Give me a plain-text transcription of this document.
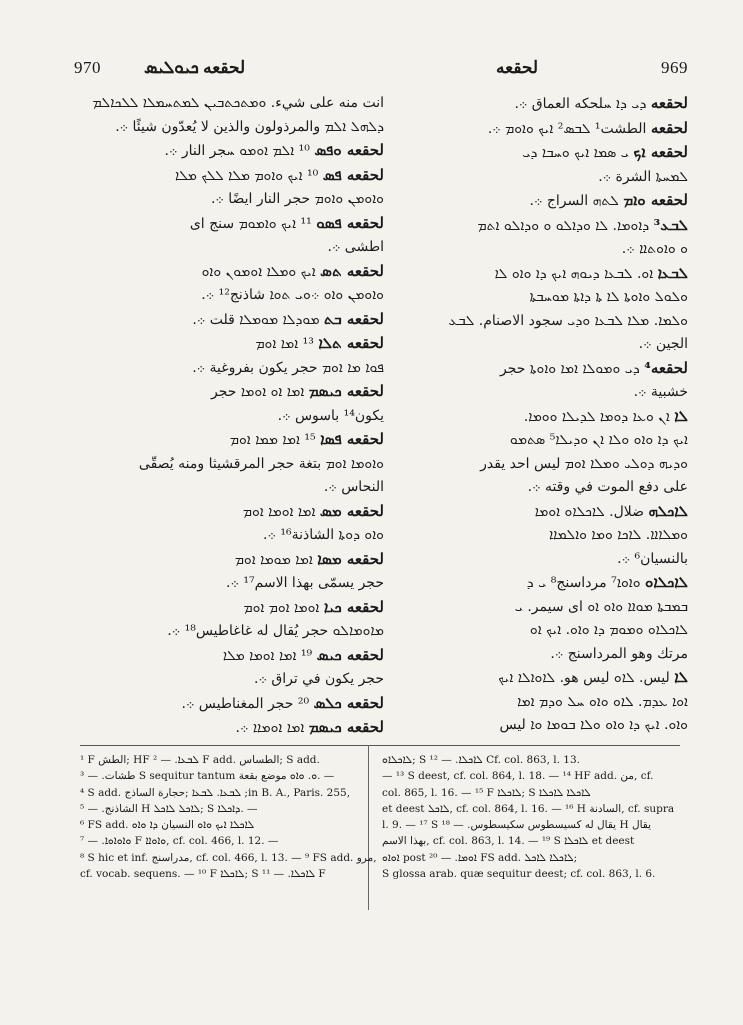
970	لحقعه ܟܝܘܠܝܣ	لحقعه	969
انت منه على شيء. ܘܡܬܟܬܒܝܢ ܠܡܬܚܡܠܐ ܠܠܟܐܠܡ
ܕܠܗܠ ܐܠܡ والمرذولون والذين لا يُعدّون شيئًا ܀.
لحقعه ܘܦܣ ¹⁰ ܐܠܡ ܐܘܡܘ ܚجر النار ܀.
لحقعه ܦܣ ¹⁰ ܐܝܟ ܘܐܘܡ ܡܠܐ ܠܠܟ ܡܠܐ
ܘܐܘܡܢ ܘܐܘܡ حجر النار ايضًا ܀.
لحقعه ܦܣܘ ¹¹ ܐܝܟ ܘܐܡܘܡ سنج اى
اطشى ܀.
لحقعه ܬܣ ܐܝܟ ܘܡܠܐ ܐܘܡܘܢ ܘܐܘ
ܘܐܘܡܢ ܘܐܘ ܀ܘܝ ܬܘܐ شاذنج¹² ܀.
لحقعه ܒܬ ܡܘܕܠܐ ܡܘܡܠܐ قلت ܀.
لحقعه ܬܠܐ ¹³ ܐܡܐ ܐܘܡ
ܦܘܐ ܡܐ ܐܘܡ حجر يكون بفروغية ܀.
لحقعه ܟܝܣܡ ܐܡܐ ܐܘ ܐܘܡܐ حجر
يكون¹⁴ باسوس ܀.
لحقعه ܦܣܐ ¹⁵ ܐܡܐ ܡܡܐ ܐܘܡ
ܘܐܘܡܐ ܐܘܡ بتغة حجر المرقشيثا ومنه يُصقّى
النحاس ܀.
لحقعه ܡܣ ܐܡܐ ܐܘܡܐ ܐܘܡ
ܘܐܘ ܕܘܬܐ الشاذنة¹⁶ ܀.
لحقعه ܡܣܐ ܐܡܐ ܡܘܡܐ ܐܘܡ
حجر يسمّى بهذا الاسم¹⁷ ܀.
لحقعه ܟܝܐ ܐܘܡܐ ܐܘܡ ܐܘܡ
ܡܐܘܡܐܠܘ حجر يُقال له غاغاطيس¹⁸ ܀.
لحقعه ܟܝܣ ¹⁹ ܐܡܐ ܐܘܡܐ ܡܠܐ
حجر يكون في تراق ܀.
لحقعه ܟܠܣ ²⁰ حجر المغناطيس ܀.
لحقعه ܟܝܣܡ ܐܡܐ ܐܘܡܐܐ ܀.
لحقعه ܕܝ ܕܐ ܚلحكه العماق ܀.
لحقعه الطشت¹ ܠܒܣ² ܐܝܟ ܘܐܘܡ ܀.
لحقعه ܐܟ ܝ ܣܡܐ ܐܝܟ ܘܚܒܐ ܕܝ
ܠܡܚܬܐ الشرة ܀.
لحقعه ܘܐܡ ܠܬܗ السراج ܀.
ܠܒܥ³ ܕܐܘܡܐ. ܠܐ ܘܕܐܠܘ ܘ ܘܕܐܠܘ ܐܬܡ
ܘ ܘܐܘܬܐܐ ܀.
ܠܒܥܐ ܐܘ. ܠܒܥܐ ܕܝܘܗ ܐܝܟ ܕܐ ܘܐܘ ܠܐ
ܘܠܘܠ ܘܐܘܬܐ ܠܐ ܬܐ ܕܐܬܐ ܡܘܚܒܬܐ
ܘܠܡܐ. ܡܠܐ ܠܒܥܐ ܘܕܝ سجود الاصنام. ܠܒܥ
الجين ܀.
لحقعه⁴ ܕܝ ܘܡܘܠܐ ܐܡܐ ܘܐܘܬܐ حجر
خشبية ܀.
ܠܐ ܐܢ ܘܥܐ ܕܘܡܐ ܠܕܝܠܐ ܘܘܡܐ.
ܐܝܟ ܕܐ ܘܐܘ ܘܠܐ ܐܢ ܘܕܝܠܐ⁵ ܣܬܡܘ
ܘܕܝܗ ܕܘܠܝ ܘܡܠܐ ܐܘܡ ليس احد يقدر
على دفع الموت في وقته ܀.
ܠܐܟܠܗ ضلال. ܠܐܟܠܐܘ ܐܘܡܐ
ܘܡܠܐܐܐ. ܠܐܟܐ ܘܡܐ ܘܐܠܡܐܐ
بالنسيان⁶ ܀.
ܠܐܟܠܐܘ ܘܐܘܐ⁷ مرداسنج⁸ ܝ ܕ
ܒܡܒܬܐ ܡܘܐܐ ܘܐܘ ܐܘ اى سيمر. ܝ
ܠܐܟܠܐܘ ܘܡܘܡ ܕܐ ܘܐܘ. ܐܝܟ ܐܘ
مرتك وهو المرداسنج ܀.
ܠܐ ليس. ܠܐܘ ليس هو. ܠܐܘܐܠܐ ܐܝܟ
ܐܘܐ ܥܕܡ. ܠܐܘ ܘܐܘ ܚܠ ܘܕܡ ܐܡܐ
ܘܐܘ. ܐܝܟ ܕܐ ܘܐܘ ܘܠܐ ܒܘܡܐ ܘܐ ليس
¹ F الطش; HF ܠܒܥܐ. — ² F add. الطساس; S add.
طشات. — ³ S sequitur tantum ܘ. ܘܐܘ موضع بقعة. —
⁴ S add. ܠܒܥܐ. ܠܒܥܐ ;حجارة الساذج ;in B. A., Paris. 255,
الشاذنج. — ⁵ H ܠܐܟܠ ܠܐܟܠ; S ܕܐܟܠܐ. —
⁶ FS add. ܠܐܟܠܐ ܐܝܟ ܘܐܘ النسيان ܕܐ ܘܐܘ
ܘܐܘܐܘܐ. — ⁷ F ܘܐܘܐܐ, cf. col. 466, l. 12. —
⁸ S hic et inf. مدراسنج, cf. col. 466, l. 13. — ⁹ FS add. مرو,
cf. vocab. sequens. — ¹⁰ F ܠܐܟܠܐ; S ܠܐܟܠܐ. — ¹¹ F
ܠܐܟܠܐܘ; S ܠܐܟܠܐ. — ¹² Cf. col. 863, l. 13.
— ¹³ S deest, cf. col. 864, l. 18. — ¹⁴ HF add. من, cf.
col. 865, l. 16. — ¹⁵ F ܠܐܟܠܐ; S ܠܐܟܠܐ ܠܐܟܠܐ
et deest ܠܐܟܠ, cf. col. 864, l. 16. — ¹⁶ H السادنة, cf. supra
l. 9. — ¹⁷ S يقال له كسيسطوس سكيسطوس. — ¹⁸ H يقال
بهذا الاسم, cf. col. 863, l. 14. — ¹⁹ S ܠܐܟܠܐ et deest
ܐܘܐܘ post ܐܘܡܐ. — ²⁰ FS add. ܠܐܟܠܐ ܠܐܟܠ;
S glossa arab. quæ sequitur deest; cf. col. 863, l. 6.
